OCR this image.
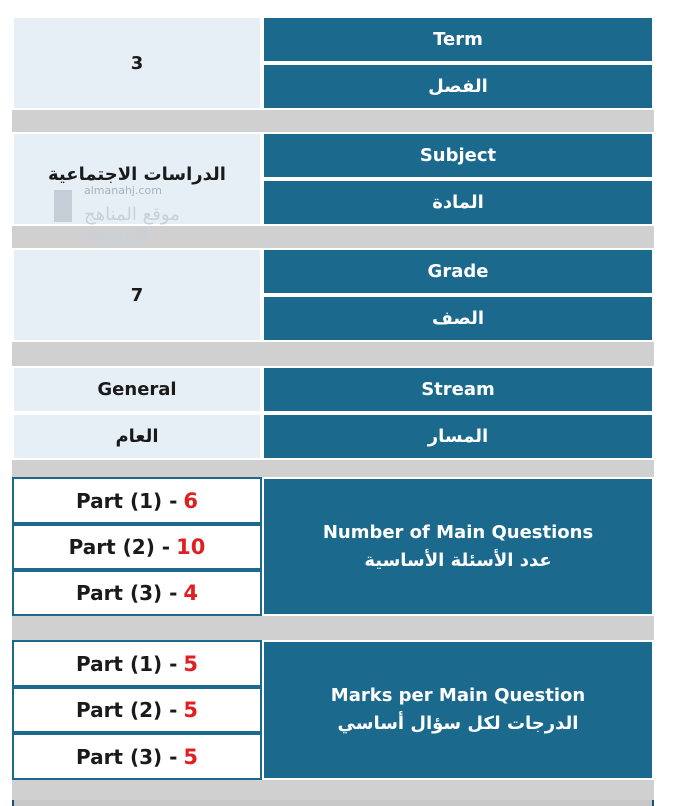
3
Term
الفصل
الدراسات الاجتماعية
Subject
المادة
almanahj.com
موقع المناهج الإماراتية
7
Grade
الصف
General
العام
Stream
المسار
Part (1) - 6
Part (2) - 10
Part (3) - 4
Number of Main Questions
عدد الأسئلة الأساسية
Part (1) - 5
Part (2) - 5
Part (3) - 5
Marks per Main Question
الدرجات لكل سؤال أساسي
